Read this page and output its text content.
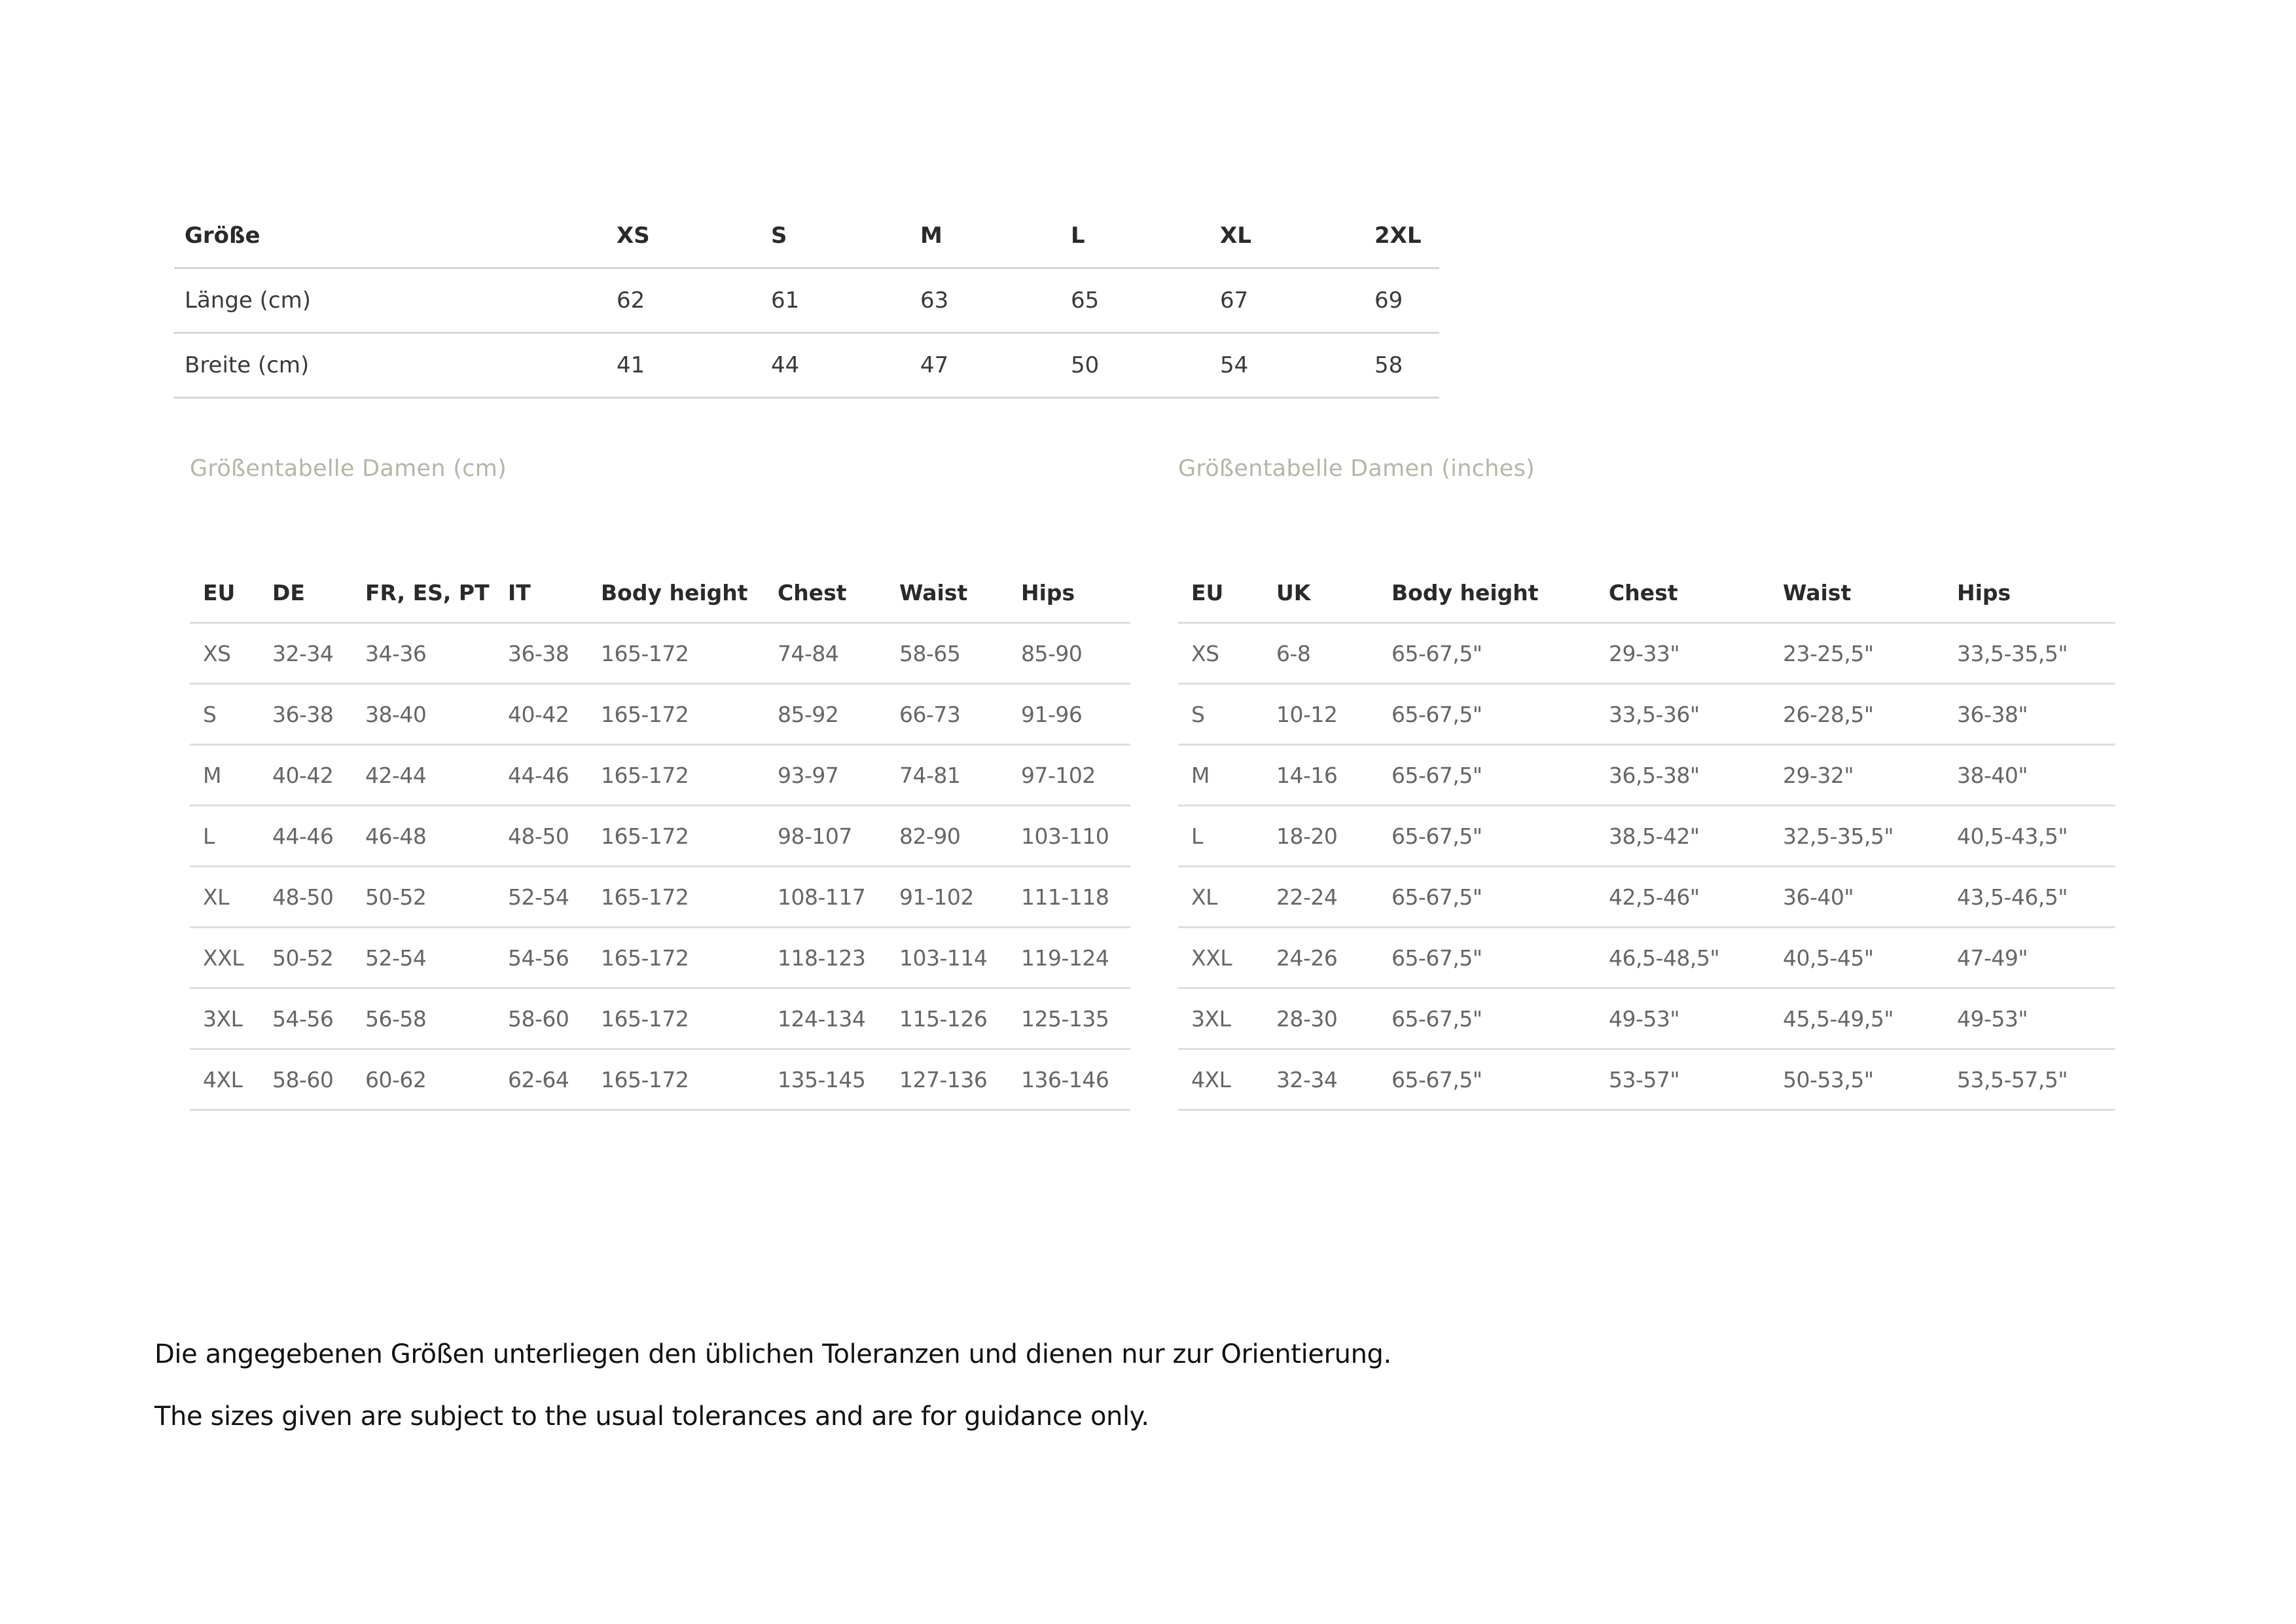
Größe	XS	S	M	L	XL	2XL
Länge (cm)	62	61	63	65	67	69
Breite (cm)	41	44	47	50	54	58
Größentabelle Damen (cm)	Größentabelle Damen (inches)
EU	DE	FR, ES, PT	IT	Body height	Chest	Waist	Hips
XS	32-34	34-36	36-38	165-172	74-84	58-65	85-90
S	36-38	38-40	40-42	165-172	85-92	66-73	91-96
M	40-42	42-44	44-46	165-172	93-97	74-81	97-102
L	44-46	46-48	48-50	165-172	98-107	82-90	103-110
XL	48-50	50-52	52-54	165-172	108-117	91-102	111-118
XXL	50-52	52-54	54-56	165-172	118-123	103-114	119-124
3XL	54-56	56-58	58-60	165-172	124-134	115-126	125-135
4XL	58-60	60-62	62-64	165-172	135-145	127-136	136-146
EU	UK	Body height	Chest	Waist	Hips
XS	6-8	65-67,5"	29-33"	23-25,5"	33,5-35,5"
S	10-12	65-67,5"	33,5-36"	26-28,5"	36-38"
M	14-16	65-67,5"	36,5-38"	29-32"	38-40"
L	18-20	65-67,5"	38,5-42"	32,5-35,5"	40,5-43,5"
XL	22-24	65-67,5"	42,5-46"	36-40"	43,5-46,5"
XXL	24-26	65-67,5"	46,5-48,5"	40,5-45"	47-49"
3XL	28-30	65-67,5"	49-53"	45,5-49,5"	49-53"
4XL	32-34	65-67,5"	53-57"	50-53,5"	53,5-57,5"

Die angegebenen Größen unterliegen den üblichen Toleranzen und dienen nur zur Orientierung.

The sizes given are subject to the usual tolerances and are for guidance only.
